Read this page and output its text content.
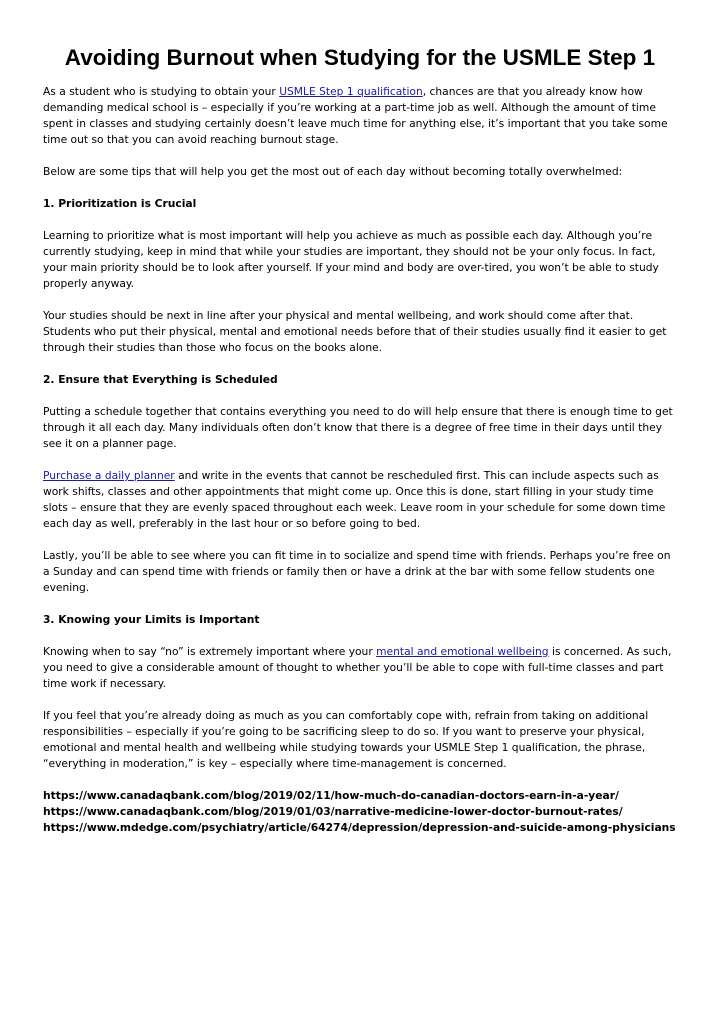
Avoiding Burnout when Studying for the USMLE Step 1

As a student who is studying to obtain your USMLE Step 1 qualification, chances are that you already know how demanding medical school is – especially if you’re working at a part-time job as well. Although the amount of time spent in classes and studying certainly doesn’t leave much time for anything else, it’s important that you take some time out so that you can avoid reaching burnout stage.

Below are some tips that will help you get the most out of each day without becoming totally overwhelmed:

1. Prioritization is Crucial

Learning to prioritize what is most important will help you achieve as much as possible each day. Although you’re currently studying, keep in mind that while your studies are important, they should not be your only focus. In fact, your main priority should be to look after yourself. If your mind and body are over-tired, you won’t be able to study properly anyway.

Your studies should be next in line after your physical and mental wellbeing, and work should come after that. Students who put their physical, mental and emotional needs before that of their studies usually find it easier to get through their studies than those who focus on the books alone.

2. Ensure that Everything is Scheduled

Putting a schedule together that contains everything you need to do will help ensure that there is enough time to get through it all each day. Many individuals often don’t know that there is a degree of free time in their days until they see it on a planner page.

Purchase a daily planner and write in the events that cannot be rescheduled first. This can include aspects such as work shifts, classes and other appointments that might come up. Once this is done, start filling in your study time slots – ensure that they are evenly spaced throughout each week. Leave room in your schedule for some down time each day as well, preferably in the last hour or so before going to bed.

Lastly, you’ll be able to see where you can fit time in to socialize and spend time with friends. Perhaps you’re free on a Sunday and can spend time with friends or family then or have a drink at the bar with some fellow students one evening.

3. Knowing your Limits is Important

Knowing when to say “no” is extremely important where your mental and emotional wellbeing is concerned. As such, you need to give a considerable amount of thought to whether you’ll be able to cope with full-time classes and part time work if necessary.

If you feel that you’re already doing as much as you can comfortably cope with, refrain from taking on additional responsibilities – especially if you’re going to be sacrificing sleep to do so. If you want to preserve your physical, emotional and mental health and wellbeing while studying towards your USMLE Step 1 qualification, the phrase, “everything in moderation,” is key – especially where time-management is concerned.

https://www.canadaqbank.com/blog/2019/02/11/how-much-do-canadian-doctors-earn-in-a-year/
https://www.canadaqbank.com/blog/2019/01/03/narrative-medicine-lower-doctor-burnout-rates/
https://www.mdedge.com/psychiatry/article/64274/depression/depression-and-suicide-among-physicians
